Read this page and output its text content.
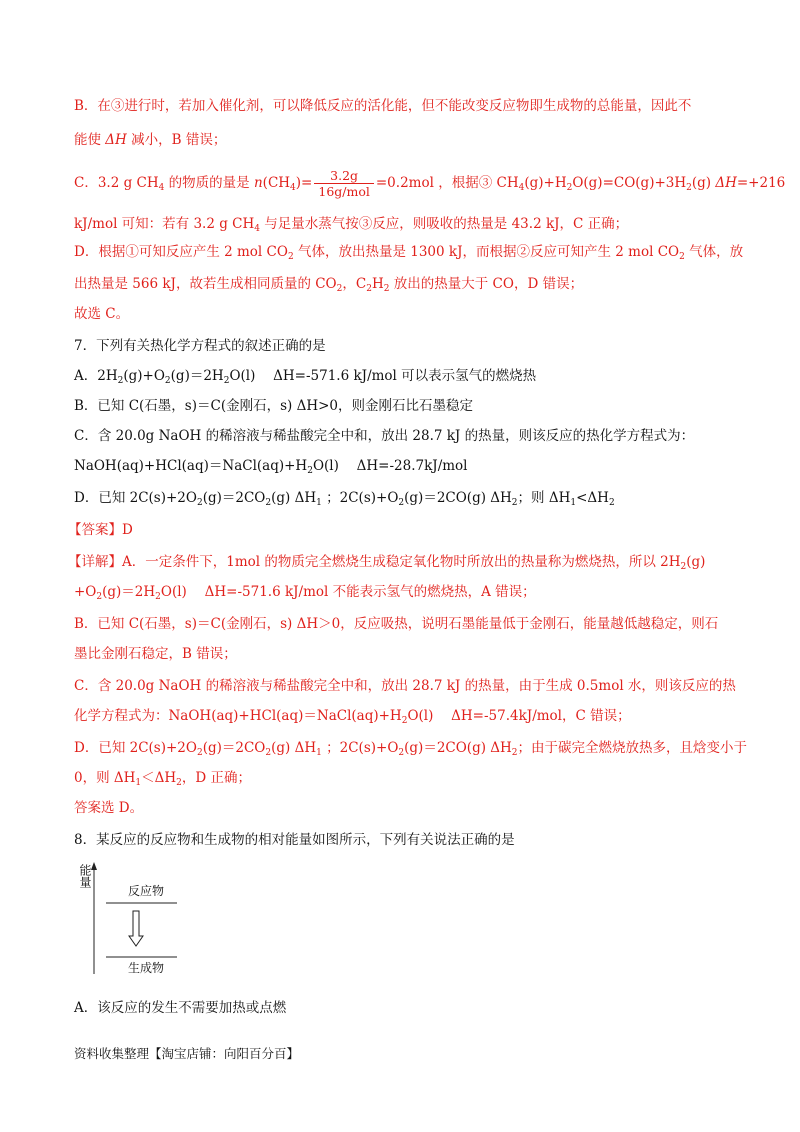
B．在③进行时，若加入催化剂，可以降低反应的活化能，但不能改变反应物即生成物的总能量，因此不
能使 ΔH 减小，B 错误；
C．3.2 g $CH_4$ 的物质的量是 $n(CH_4)= \frac{3.2g}{\text{16g/mol}} =0.2mol$ ，根据③ $CH_4(g)+H_2O(g)=CO(g)+3H_2(g)$ ΔH=+216
kJ/mol 可知：若有 3.2 g $CH_4$ 与足量水蒸气按③反应，则吸收的热量是 43.2 kJ，C 正确；
D．根据①可知反应产生 2 mol $CO_2$ 气体，放出热量是 1300 kJ，而根据②反应可知产生 2 mol $CO_2$ 气体，放
出热量是 566 kJ，故若生成相同质量的 $CO_2$，$C_2H_2$ 放出的热量大于 CO，D 错误；
故选 C。
7．下列有关热化学方程式的叙述正确的是
A．$2H_2(g)+O_2(g)=2H_2O(l)$　 ΔH=-571.6 kJ/mol 可以表示氢气的燃烧热
B．已知 C(石墨，s)＝C(金刚石，s) ΔH>0，则金刚石比石墨稳定
C．含 20.0g NaOH 的稀溶液与稀盐酸完全中和，放出 28.7 kJ 的热量，则该反应的热化学方程式为：
$NaOH(aq)+HCl(aq)=NaCl(aq)+H_2O(l)$　 ΔH=-28.7kJ/mol
D．已知 $2C(s)+2O_2(g)=2CO_2(g)$ $\Delta H_1$ ；$2C(s)+O_2(g)=2CO(g)$ $\Delta H_2$；则 $\Delta H_1<\Delta H_2$
【答案】D
【详解】A．一定条件下，1mol 的物质完全燃烧生成稳定氧化物时所放出的热量称为燃烧热，所以 $2H_2(g)$
$+O_2(g)=2H_2O(l)$　 ΔH=-571.6 kJ/mol 不能表示氢气的燃烧热，A 错误；
B．已知 C(石墨，s)＝C(金刚石，s) ΔH＞0，反应吸热，说明石墨能量低于金刚石，能量越低越稳定，则石
墨比金刚石稳定，B 错误；
C．含 20.0g NaOH 的稀溶液与稀盐酸完全中和，放出 28.7 kJ 的热量，由于生成 0.5mol 水，则该反应的热
化学方程式为：$NaOH(aq)+HCl(aq)=NaCl(aq)+H_2O(l)$　 ΔH=-57.4kJ/mol，C 错误；
D．已知 $2C(s)+2O_2(g)=2CO_2(g)$ $\Delta H_1$ ；$2C(s)+O_2(g)=2CO(g)$ $\Delta H_2$；由于碳完全燃烧放热多，且焓变小于
0，则 $\Delta H_1<\Delta H_2$，D 正确；
答案选 D。
8．某反应的反应物和生成物的相对能量如图所示，下列有关说法正确的是
能量
反应物
生成物
A．该反应的发生不需要加热或点燃
资料收集整理【淘宝店铺：向阳百分百】
